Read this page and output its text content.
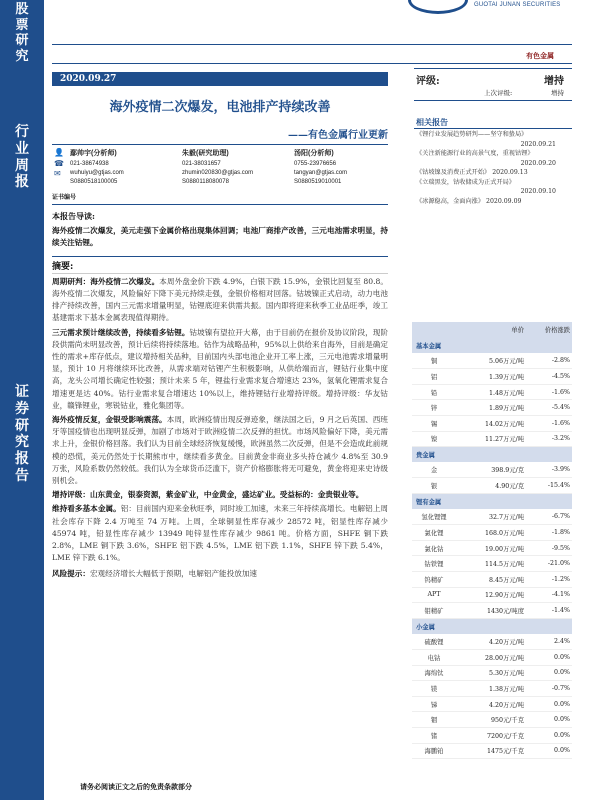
股
票
研
究
行
业
周
报
证
券
研
究
报
告
GUOTAI JUNAN SECURITIES
有色金属
2020.09.27
海外疫情二次爆发，电池排产持续改善
——有色金属行业更新
👤 鄢帅宇(分析师)
☎	021-38674938
✉	wuhuiyu@gtjas.com
S0880518100005
朱毅(研究助理)
021-38031657
zhumin020830@gtjas.com
S0880118080078
汤阳(分析师)
0755-23976656
tangyan@gtjas.com
S0880519010001
证书编号

本报告导读:

海外疫情二次爆发，美元走强下金属价格出现集体回调；电池厂商排产改善，三元电池需求明显，持续关注钴锂。

摘要:

周期研判：海外疫情二次爆发。本周外盘金价下跌 4.9%，白银下跌 15.9%，金银比回复至 80.8。海外疫情二次爆发，风险偏好下降下美元持续走强，金银价格相对回落。钴坡镍正式启动，动力电池排产持续改善，国内三元需求增量明显，钴锂底迎来供需共振。国内即将迎来秋季工业品旺季，竣工基建需求下基本金属表现值得期待。

三元需求预计继续改善，持续看多钴锂。钴坡镍有望拉开大幕，由于目前仍在报价及协议阶段，现阶段供需尚未明显改善，预计后续将持续落地。钴作为战略品种，95%以上供给来自海外，目前是确定性的需求+库存低点，建议增持相关品种，目前国内头部电池企业开工率上涨，三元电池需求增量明显，预计 10 月将继续环比改善，从需求端对钴锂产生积极影响，从供给端而言，锂钴行业集中度高，龙头公司增长确定性较强；预计未来 5 年，锂盐行业需求复合增速达 23%，氢氧化锂需求复合增速更是达 40%。钴行业需求复合增速达 10%以上，维持锂钴行业增持评级。增持评级：华友钴业，赣锋锂业，寒锐钴业，雅化集团等。

海外疫情反复，金银受影响震荡。本周，欧洲疫情出现反弹迹象，继法国之后，9 月之后英国、西班牙等国疫情也出现明显反弹，加剧了市场对于欧洲疫情二次反弹的担忧。市场风险偏好下降，美元需求上升，金银价格回落。我们认为目前全球经济恢复缓慢，欧洲虽然二次反弹，但是不会造成此前规模的恐慌，美元仍然处于长期熊市中，继续看多黄金。目前黄金非商业多头持仓减少 4.8%至 30.9 万张，风险系数仍然较低。我们认为全球货币泛滥下，资产价格膨胀将无可避免，黄金将迎来史诗级别机会。

增持评级：山东黄金，银泰资源，紫金矿业，中金黄金，盛达矿业。受益标的：金贵银业等。

维持看多基本金属。铝：目前国内迎来金秋旺季，同时竣工加速，未来三年持续高增长。电解铝上周社会库存下降 2.4 万吨至 74 万吨。上周，全球铜显性库存减少 28572 吨，铝显性库存减少 45974 吨，铅显性库存减少 13949 吨锌显性库存减少 9861 吨。价格方面，SHFE 铜下跌 2.8%，LME 铜下跌 3.6%，SHFE 铝下跌 4.5%，LME 铝下跌 1.1%，SHFE 锌下跌 5.4%，LME 锌下跌 6.1%。

风险提示：宏观经济增长大幅低于预期，电解铝产能投放加速

请务必阅读正文之后的免责条款部分
评级:	增持
上次评级:	增持
相关报告
《锂行业发展趋势研判——坚守和蛰局》
2020.09.21
《关注新能源行业的高景气度，重视钴锂》
2020.09.20
《钴坡镍及消费正式开始》 2020.09.13
《立瑞黑发，钴收储成为正式开局》
2020.09.10
《冰源稳高，金面向涨》 2020.09.09
	单价	价格涨跌
基本金属		
铜	5.06万元/吨	-2.8%
铝	1.39万元/吨	-4.5%
铅	1.48万元/吨	-1.6%
锌	1.89万元/吨	-5.4%
锡	14.02万元/吨	-1.6%
镍	11.27万元/吨	-3.2%
贵金属		
金	398.9元/克	-3.9%
银	4.90元/克	-15.4%
锂有金属		
氢化锂锂	32.7万元/吨	-6.7%
氯化锂	168.0万元/吨	-1.8%
氯化钴	19.00万元/吨	-9.5%
钴铁锂	114.5万元/吨	-21.0%
钨精矿	8.45万元/吨	-1.2%
APT	12.90万元/吨	-4.1%
钼精矿	1430元/吨度	-1.4%
小金属		
硫酸锂	4.20万元/吨	2.4%
电钴	28.00万元/吨	0.0%
海绵钛	5.30万元/吨	0.0%
镁	1.38万元/吨	-0.7%
锑	4.20万元/吨	0.0%
铟	950元/千克	0.0%
锗	7200元/千克	0.0%
海鹏铂	1475元/千克	0.0%
